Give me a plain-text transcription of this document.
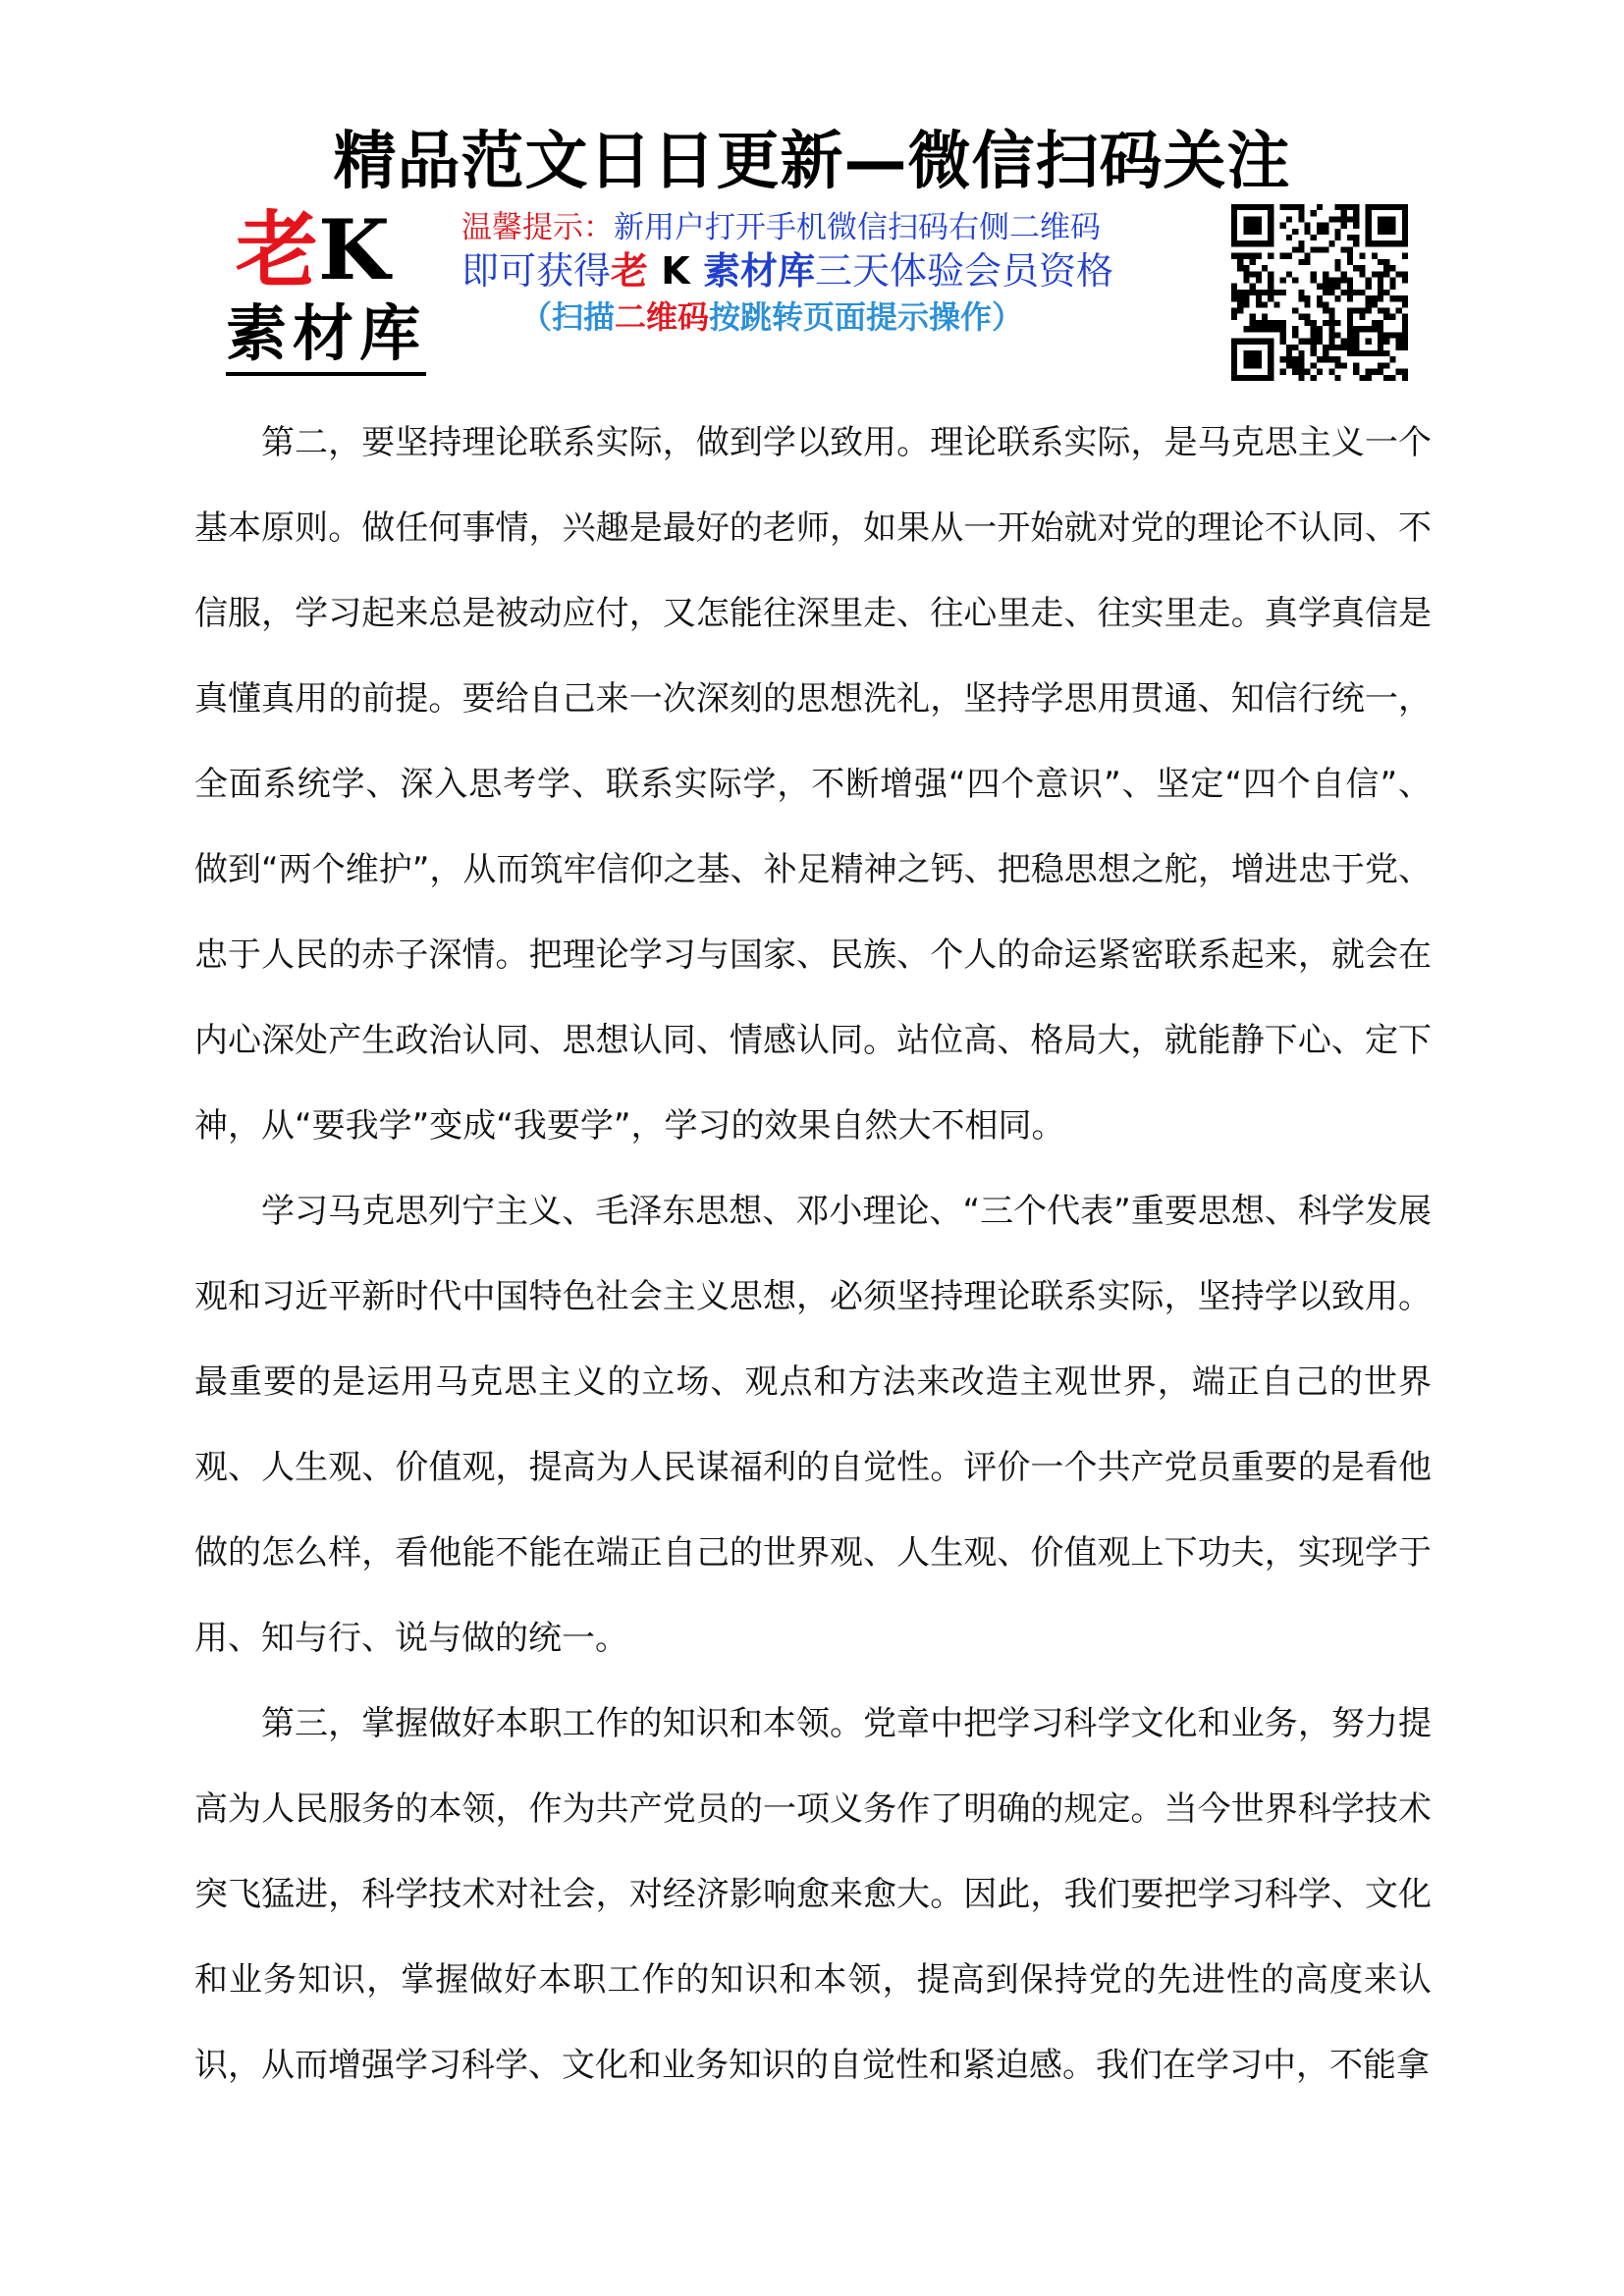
精品范文日日更新—微信扫码关注
老K
素材库
温馨提示：新用户打开手机微信扫码右侧二维码
即可获得老 K 素材库三天体验会员资格
（扫描二维码按跳转页面提示操作）

第二，要坚持理论联系实际，做到学以致用。理论联系实际，是马克思主义一个基本原则。做任何事情，兴趣是最好的老师，如果从一开始就对党的理论不认同、不信服，学习起来总是被动应付，又怎能往深里走、往心里走、往实里走。真学真信是真懂真用的前提。要给自己来一次深刻的思想洗礼，坚持学思用贯通、知信行统一，全面系统学、深入思考学、联系实际学，不断增强“四个意识”、坚定“四个自信”、做到“两个维护”，从而筑牢信仰之基、补足精神之钙、把稳思想之舵，增进忠于党、忠于人民的赤子深情。把理论学习与国家、民族、个人的命运紧密联系起来，就会在内心深处产生政治认同、思想认同、情感认同。站位高、格局大，就能静下心、定下神，从“要我学”变成“我要学”，学习的效果自然大不相同。

学习马克思列宁主义、毛泽东思想、邓小理论、“三个代表”重要思想、科学发展观和习近平新时代中国特色社会主义思想，必须坚持理论联系实际，坚持学以致用。最重要的是运用马克思主义的立场、观点和方法来改造主观世界，端正自己的世界观、人生观、价值观，提高为人民谋福利的自觉性。评价一个共产党员重要的是看他做的怎么样，看他能不能在端正自己的世界观、人生观、价值观上下功夫，实现学于用、知与行、说与做的统一。

第三，掌握做好本职工作的知识和本领。党章中把学习科学文化和业务，努力提高为人民服务的本领，作为共产党员的一项义务作了明确的规定。当今世界科学技术突飞猛进，科学技术对社会，对经济影响愈来愈大。因此，我们要把学习科学、文化和业务知识，掌握做好本职工作的知识和本领，提高到保持党的先进性的高度来认识，从而增强学习科学、文化和业务知识的自觉性和紧迫感。我们在学习中，不能拿
